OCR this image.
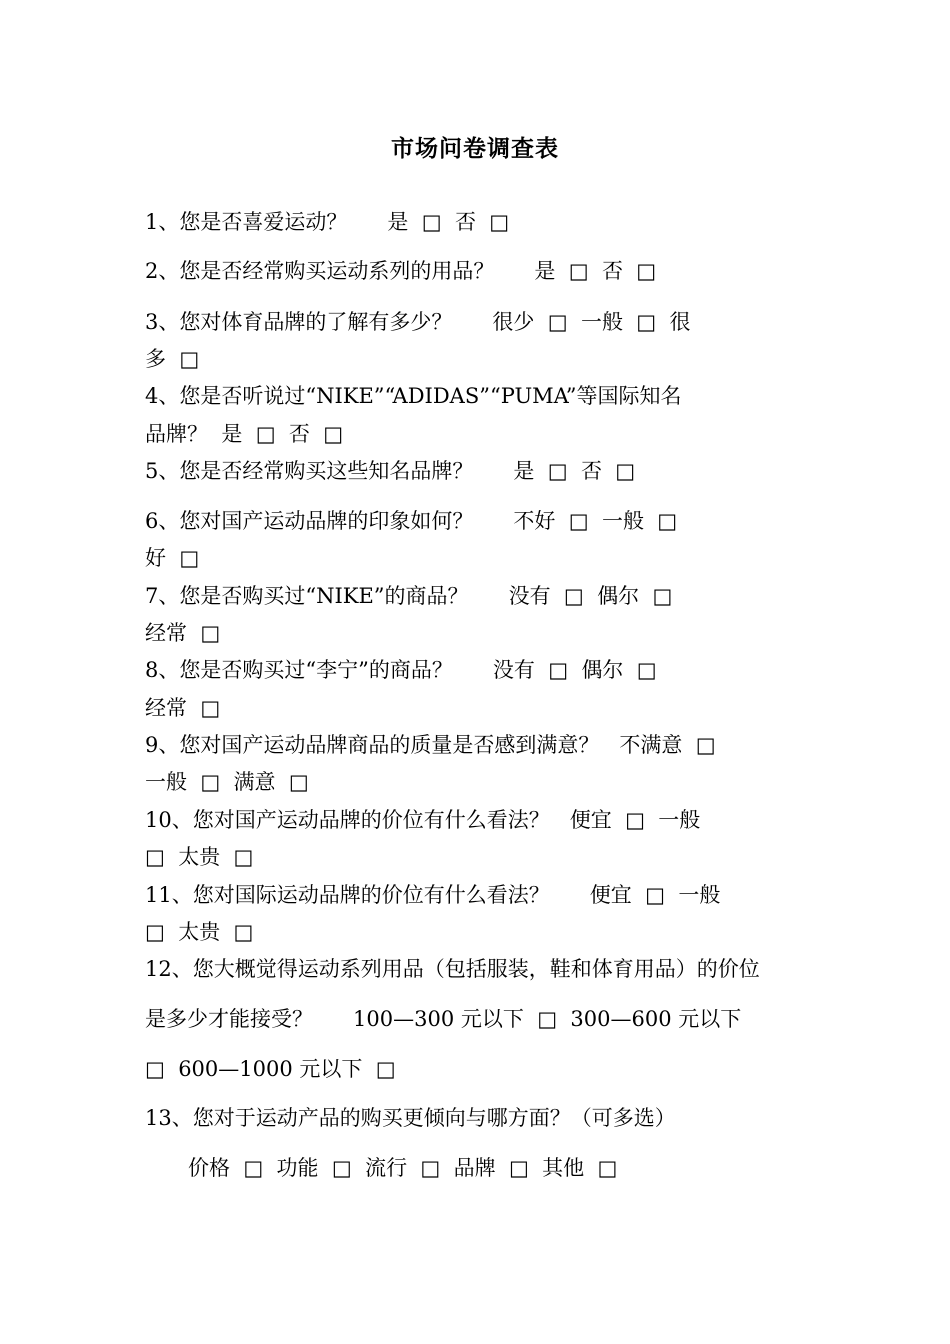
市场问卷调查表
1、您是否喜爱运动？      是  □  否  □
2、您是否经常购买运动系列的用品？      是  □  否  □
3、您对体育品牌的了解有多少？      很少  □  一般  □  很
多  □
4、您是否听说过“NIKE”“ADIDAS”“PUMA”等国际知名
品牌？  是  □  否  □
5、您是否经常购买这些知名品牌？      是  □  否  □
6、您对国产运动品牌的印象如何？      不好  □  一般  □
好  □
7、您是否购买过“NIKE”的商品？      没有  □  偶尔  □
经常  □
8、您是否购买过“李宁”的商品？      没有  □  偶尔  □
经常  □
9、您对国产运动品牌商品的质量是否感到满意？   不满意  □
一般  □  满意  □
10、您对国产运动品牌的价位有什么看法？   便宜  □  一般
□  太贵  □
11、您对国际运动品牌的价位有什么看法？      便宜  □  一般
□  太贵  □
12、您大概觉得运动系列用品（包括服装，鞋和体育用品）的价位
是多少才能接受？      100—300 元以下  □  300—600 元以下
□  600—1000 元以下  □
13、您对于运动产品的购买更倾向与哪方面？（可多选）
价格  □  功能  □  流行  □  品牌  □  其他  □
